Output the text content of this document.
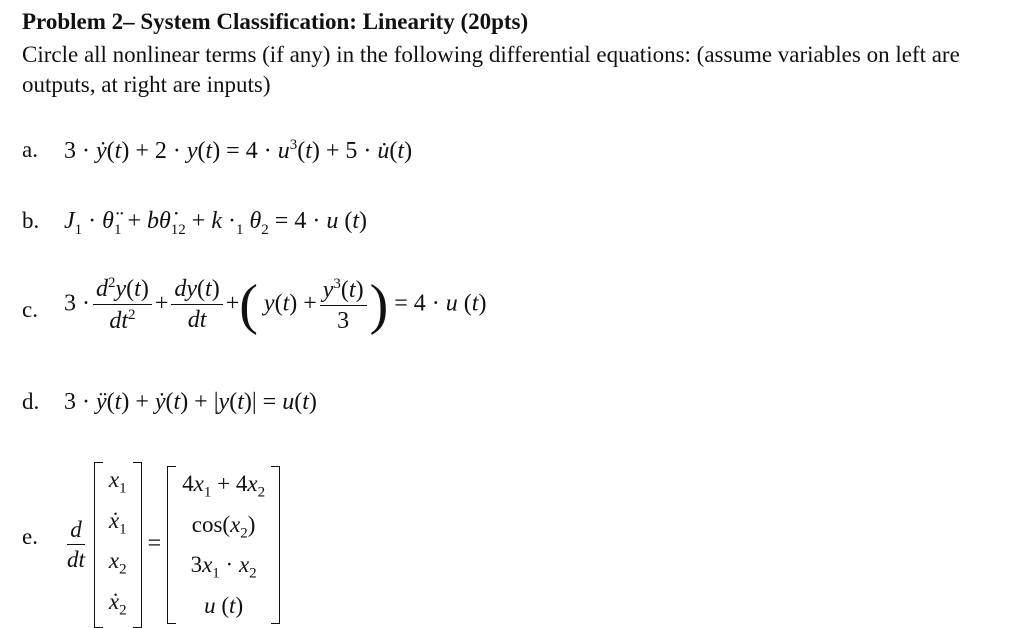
Problem 2– System Classification: Linearity (20pts)
Circle all nonlinear terms (if any) in the following differential equations: (assume variables on left are outputs, at right are inputs)
a. 3 · ẏ(t) + $2 \cdot y(t) = 4 \cdot u^3(t) + 5$ · u̇(t)
b. $J_1$ · $\thetä_1$ + $b\thetȧ_{12} + k \cdot_1$ $\theta_2 = 4 \cdot u$ (t)
c. $3 \cdot \frac{d^2y(t)}{dt^2} + \frac{dy(t)}{dt}$ +( $y(t) + \frac{y^3(t)}{3}$ ) = 4 · u (t)
d. 3 · ÿ(t) + ẏ(t) + |y(t)| = u(t)
e. $\frac{d}{dt}$

$x_1$
ẋ$_1$
$x_2$
ẋ$_2$
=
$4x_1 + 4x_2$
$\cos(x_2)$
$3x_1 \cdot x_2$
u (t)
